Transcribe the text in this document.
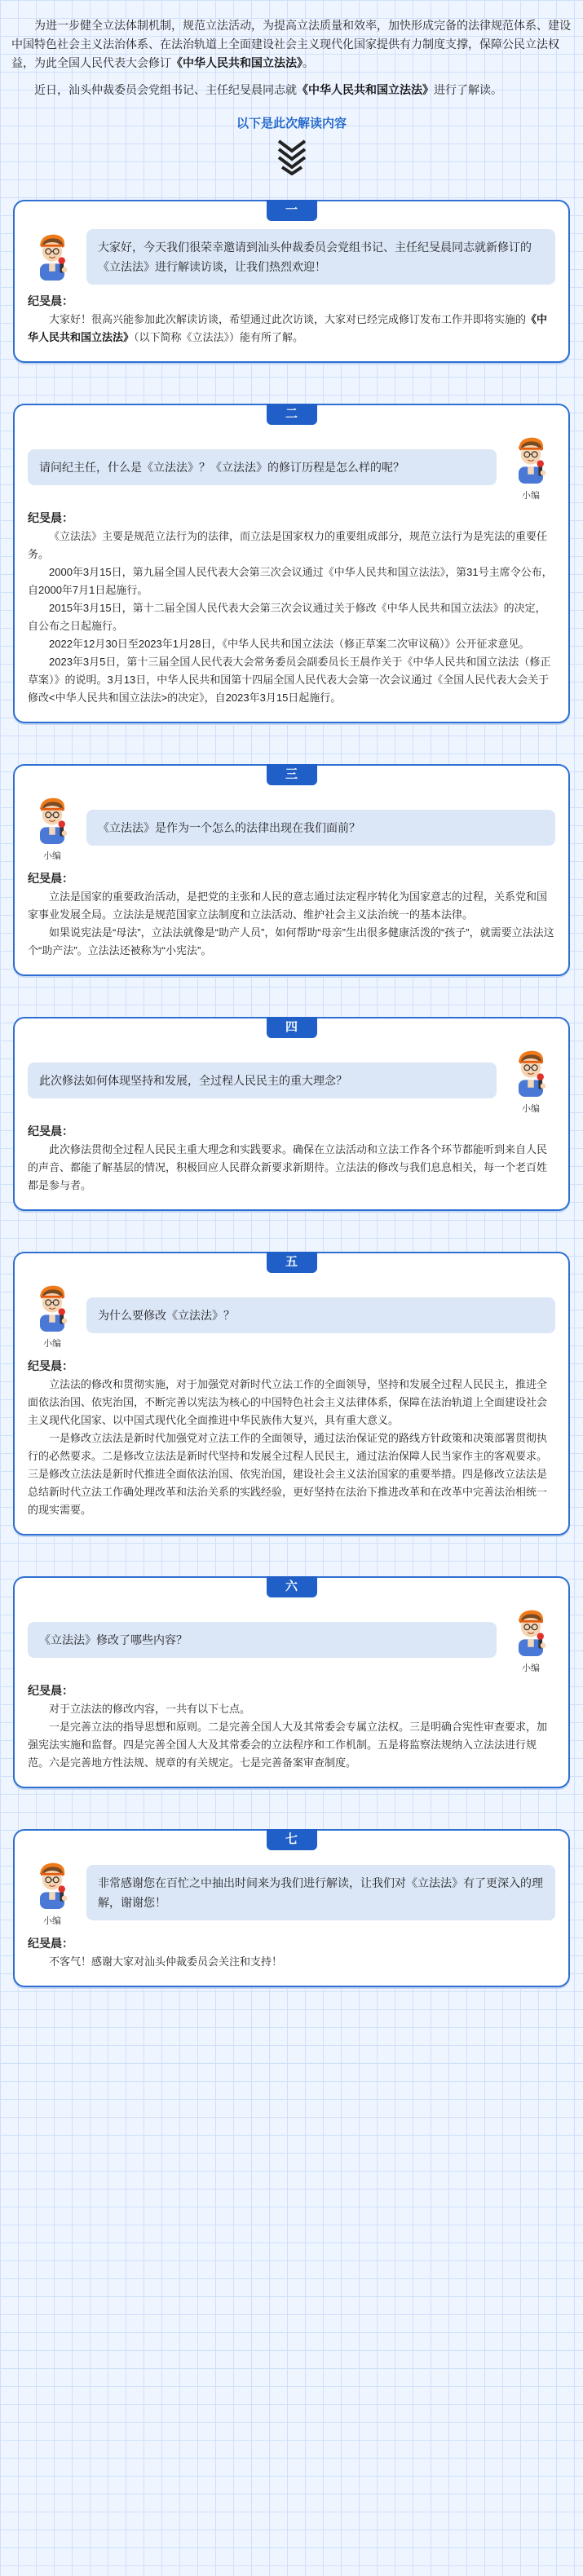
为进一步健全立法体制机制，规范立法活动，为提高立法质量和效率，加快形成完备的法律规范体系、建设中国特色社会主义法治体系、在法治轨道上全面建设社会主义现代化国家提供有力制度支撑，保障公民立法权益，为此全国人民代表大会修订《中华人民共和国立法法》。

近日，汕头仲裁委员会党组书记、主任纪旻晨同志就《中华人民共和国立法法》进行了解读。

以下是此次解读内容
一
大家好，今天我们很荣幸邀请到汕头仲裁委员会党组书记、主任纪旻晨同志就新修订的《立法法》进行解读访谈，让我们热烈欢迎！
纪旻晨：

大家好！很高兴能参加此次解读访谈，希望通过此次访谈，大家对已经完成修订发布工作并即将实施的《中华人民共和国立法法》（以下简称《立法法》）能有所了解。

二
请问纪主任，什么是《立法法》？《立法法》的修订历程是怎么样的呢？
小编
纪旻晨：

《立法法》主要是规范立法行为的法律，而立法是国家权力的重要组成部分，规范立法行为是宪法的重要任务。

2000年3月15日，第九届全国人民代表大会第三次会议通过《中华人民共和国立法法》，第31号主席令公布，自2000年7月1日起施行。

2015年3月15日，第十二届全国人民代表大会第三次会议通过关于修改《中华人民共和国立法法》的决定，自公布之日起施行。

2022年12月30日至2023年1月28日，《中华人民共和国立法法（修正草案二次审议稿）》公开征求意见。

2023年3月5日，第十三届全国人民代表大会常务委员会副委员长王晨作关于《中华人民共和国立法法（修正草案）》的说明。3月13日，中华人民共和国第十四届全国人民代表大会第一次会议通过《全国人民代表大会关于修改<中华人民共和国立法法>的决定》，自2023年3月15日起施行。

三
小编
《立法法》是作为一个怎么的法律出现在我们面前？
纪旻晨：

立法是国家的重要政治活动，是把党的主张和人民的意志通过法定程序转化为国家意志的过程，关系党和国家事业发展全局。立法法是规范国家立法制度和立法活动、维护社会主义法治统一的基本法律。

如果说宪法是“母法”，立法法就像是“助产人员”，如何帮助“母亲”生出很多健康活泼的“孩子”，就需要立法法这个“助产法”。立法法还被称为“小宪法”。

四
此次修法如何体现坚持和发展，全过程人民民主的重大理念？
小编
纪旻晨：

此次修法贯彻全过程人民民主重大理念和实践要求。确保在立法活动和立法工作各个环节都能听到来自人民的声音、都能了解基层的情况，积极回应人民群众新要求新期待。立法法的修改与我们息息相关，每一个老百姓都是参与者。

五
小编
为什么要修改《立法法》？
纪旻晨：

立法法的修改和贯彻实施，对于加强党对新时代立法工作的全面领导，坚持和发展全过程人民民主，推进全面依法治国、依宪治国，不断完善以宪法为核心的中国特色社会主义法律体系，保障在法治轨道上全面建设社会主义现代化国家、以中国式现代化全面推进中华民族伟大复兴，具有重大意义。

一是修改立法法是新时代加强党对立法工作的全面领导，通过法治保证党的路线方针政策和决策部署贯彻执行的必然要求。二是修改立法法是新时代坚持和发展全过程人民民主，通过法治保障人民当家作主的客观要求。三是修改立法法是新时代推进全面依法治国、依宪治国，建设社会主义法治国家的重要举措。四是修改立法法是总结新时代立法工作确处理改革和法治关系的实践经验，更好坚持在法治下推进改革和在改革中完善法治相统一的现实需要。

六
《立法法》修改了哪些内容？
小编
纪旻晨：

对于立法法的修改内容，一共有以下七点。

一是完善立法的指导思想和原则。二是完善全国人大及其常委会专属立法权。三是明确合宪性审查要求，加强宪法实施和监督。四是完善全国人大及其常委会的立法程序和工作机制。五是将监察法规纳入立法法进行规范。六是完善地方性法规、规章的有关规定。七是完善备案审查制度。

七
小编
非常感谢您在百忙之中抽出时间来为我们进行解读，让我们对《立法法》有了更深入的理解，谢谢您！
纪旻晨：

不客气！感谢大家对汕头仲裁委员会关注和支持！
